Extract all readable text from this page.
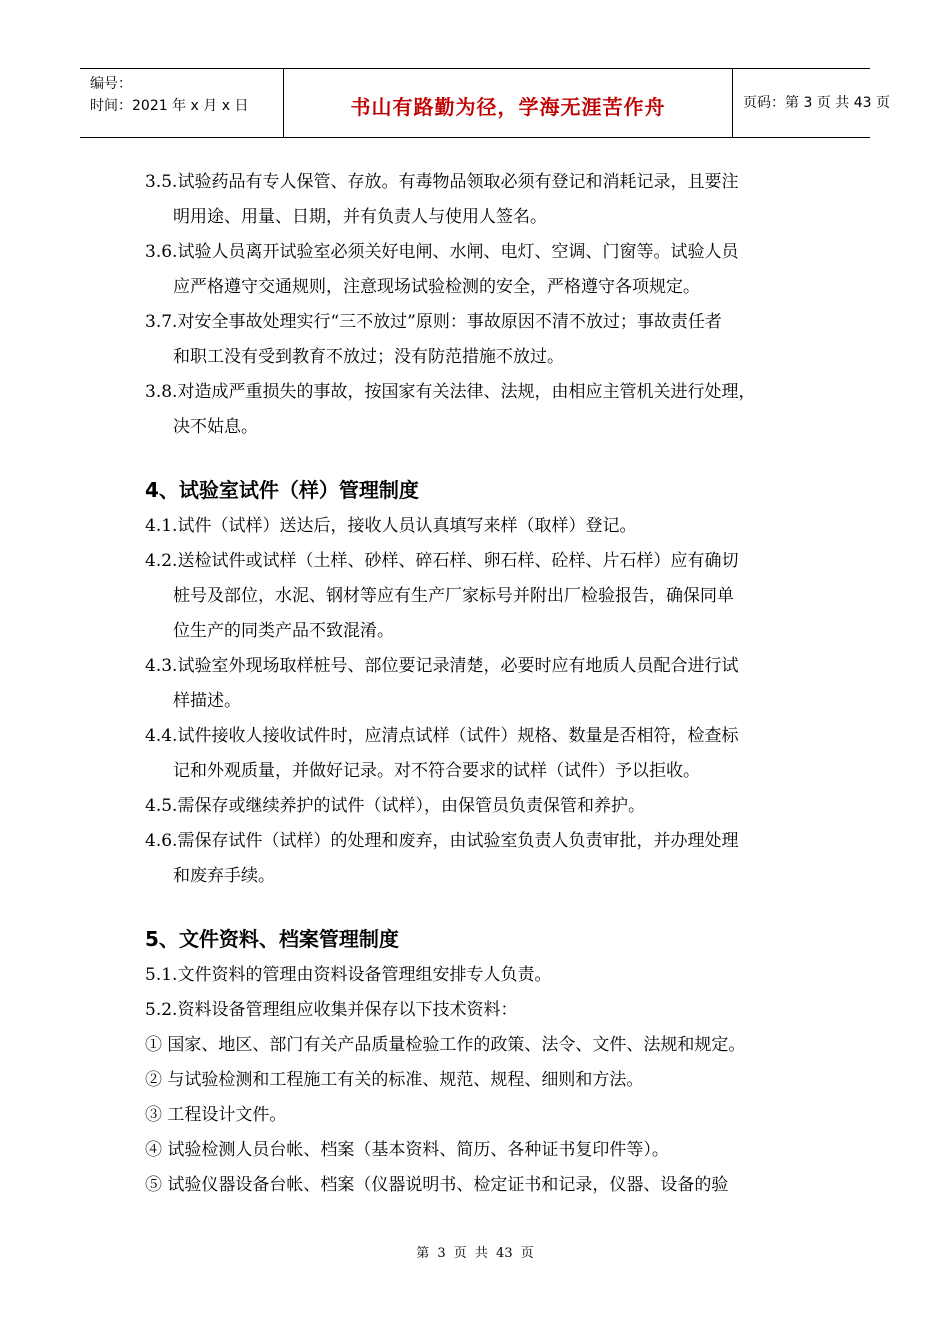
编号：
时间：2021 年 x 月 x 日	书山有路勤为径，学海无涯苦作舟	页码：第 3 页 共 43 页
3.5.试验药品有专人保管、存放。有毒物品领取必须有登记和消耗记录，且要注
明用途、用量、日期，并有负责人与使用人签名。
3.6.试验人员离开试验室必须关好电闸、水闸、电灯、空调、门窗等。试验人员
应严格遵守交通规则，注意现场试验检测的安全，严格遵守各项规定。
3.7.对安全事故处理实行“三不放过”原则：事故原因不清不放过；事故责任者
和职工没有受到教育不放过；没有防范措施不放过。
3.8.对造成严重损失的事故，按国家有关法律、法规，由相应主管机关进行处理，
决不姑息。
4、试验室试件（样）管理制度
4.1.试件（试样）送达后，接收人员认真填写来样（取样）登记。
4.2.送检试件或试样（土样、砂样、碎石样、卵石样、砼样、片石样）应有确切
桩号及部位，水泥、钢材等应有生产厂家标号并附出厂检验报告，确保同单
位生产的同类产品不致混淆。
4.3.试验室外现场取样桩号、部位要记录清楚，必要时应有地质人员配合进行试
样描述。
4.4.试件接收人接收试件时，应清点试样（试件）规格、数量是否相符，检查标
记和外观质量，并做好记录。对不符合要求的试样（试件）予以拒收。
4.5.需保存或继续养护的试件（试样），由保管员负责保管和养护。
4.6.需保存试件（试样）的处理和废弃，由试验室负责人负责审批，并办理处理
和废弃手续。
5、文件资料、档案管理制度
5.1.文件资料的管理由资料设备管理组安排专人负责。
5.2.资料设备管理组应收集并保存以下技术资料：
① 国家、地区、部门有关产品质量检验工作的政策、法令、文件、法规和规定。
② 与试验检测和工程施工有关的标准、规范、规程、细则和方法。
③ 工程设计文件。
④ 试验检测人员台帐、档案（基本资料、简历、各种证书复印件等）。
⑤ 试验仪器设备台帐、档案（仪器说明书、检定证书和记录，仪器、设备的验
第 3 页 共 43 页
